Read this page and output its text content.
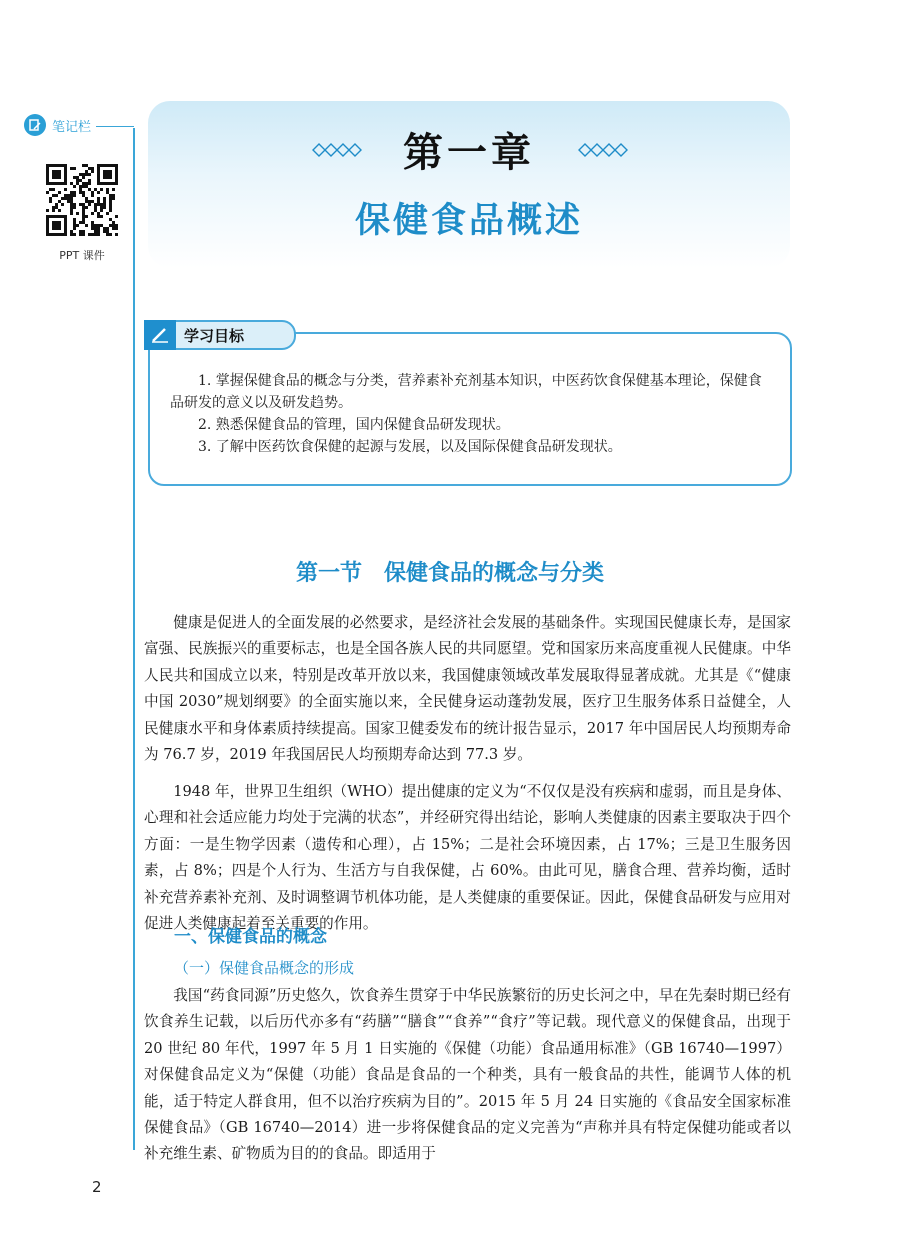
笔记栏
PPT 课件
第一章
保健食品概述
学习目标

1. 掌握保健食品的概念与分类，营养素补充剂基本知识，中医药饮食保健基本理论，保健食品研发的意义以及研发趋势。

2. 熟悉保健食品的管理，国内保健食品研发现状。

3. 了解中医药饮食保健的起源与发展，以及国际保健食品研发现状。

第一节　保健食品的概念与分类

健康是促进人的全面发展的必然要求，是经济社会发展的基础条件。实现国民健康长寿，是国家富强、民族振兴的重要标志，也是全国各族人民的共同愿望。党和国家历来高度重视人民健康。中华人民共和国成立以来，特别是改革开放以来，我国健康领域改革发展取得显著成就。尤其是《“健康中国 2030”规划纲要》的全面实施以来，全民健身运动蓬勃发展，医疗卫生服务体系日益健全，人民健康水平和身体素质持续提高。国家卫健委发布的统计报告显示，2017 年中国居民人均预期寿命为 76.7 岁，2019 年我国居民人均预期寿命达到 77.3 岁。

1948 年，世界卫生组织（WHO）提出健康的定义为“不仅仅是没有疾病和虚弱，而且是身体、心理和社会适应能力均处于完满的状态”，并经研究得出结论，影响人类健康的因素主要取决于四个方面：一是生物学因素（遗传和心理），占 15%；二是社会环境因素，占 17%；三是卫生服务因素，占 8%；四是个人行为、生活方与自我保健，占 60%。由此可见，膳食合理、营养均衡，适时补充营养素补充剂、及时调整调节机体功能，是人类健康的重要保证。因此，保健食品研发与应用对促进人类健康起着至关重要的作用。

一、保健食品的概念
（一）保健食品概念的形成

我国“药食同源”历史悠久，饮食养生贯穿于中华民族繁衍的历史长河之中，早在先秦时期已经有饮食养生记载，以后历代亦多有“药膳”“膳食”“食养”“食疗”等记载。现代意义的保健食品，出现于 20 世纪 80 年代，1997 年 5 月 1 日实施的《保健（功能）食品通用标准》（GB 16740—1997）对保健食品定义为“保健（功能）食品是食品的一个种类，具有一般食品的共性，能调节人体的机能，适于特定人群食用，但不以治疗疾病为目的”。2015 年 5 月 24 日实施的《食品安全国家标准 保健食品》（GB 16740—2014）进一步将保健食品的定义完善为“声称并具有特定保健功能或者以补充维生素、矿物质为目的的食品。即适用于

2
